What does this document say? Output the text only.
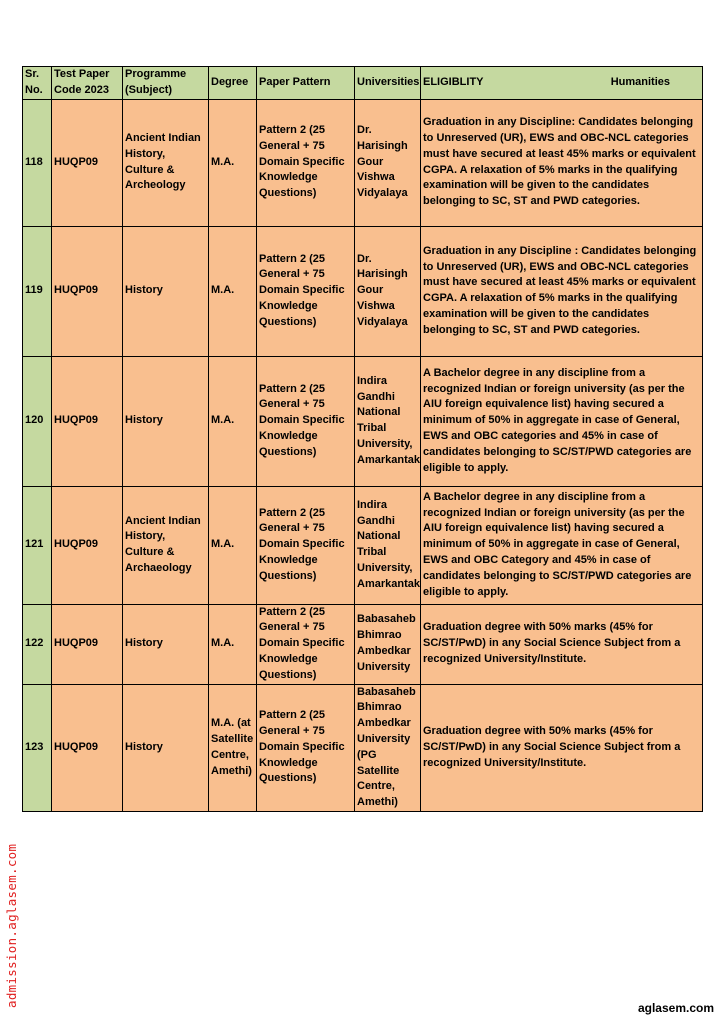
Sr. No.	Test Paper Code 2023	Programme (Subject)	Degree	Paper Pattern	Universities	ELIGIBLITY Humanities

118	HUQP09	Ancient Indian History, Culture & Archeology	M.A.	Pattern 2 (25 General + 75 Domain Specific Knowledge Questions)	Dr. Harisingh Gour Vishwa Vidyalaya	Graduation in any Discipline: Candidates belonging to Unreserved (UR), EWS and OBC-NCL categories must have secured at least 45% marks or equivalent CGPA. A relaxation of 5% marks in the qualifying examination will be given to the candidates belonging to SC, ST and PWD categories.
119	HUQP09	History	M.A.	Pattern 2 (25 General + 75 Domain Specific Knowledge Questions)	Dr. Harisingh Gour Vishwa Vidyalaya	Graduation in any Discipline : Candidates belonging to Unreserved (UR), EWS and OBC-NCL categories must have secured at least 45% marks or equivalent CGPA. A relaxation of 5% marks in the qualifying examination will be given to the candidates belonging to SC, ST and PWD categories.
120	HUQP09	History	M.A.	Pattern 2 (25 General + 75 Domain Specific Knowledge Questions)	Indira Gandhi National Tribal University, Amarkantak	A Bachelor degree in any discipline from a recognized Indian or foreign university (as per the AIU foreign equivalence list) having secured a minimum of 50% in aggregate in case of General, EWS and OBC categories and 45% in case of candidates belonging to SC/ST/PWD categories are eligible to apply.
121	HUQP09	Ancient Indian History, Culture & Archaeology	M.A.	Pattern 2 (25 General + 75 Domain Specific Knowledge Questions)	Indira Gandhi National Tribal University, Amarkantak	A Bachelor degree in any discipline from a recognized Indian or foreign university (as per the AIU foreign equivalence list) having secured a minimum of 50% in aggregate in case of General, EWS and OBC Category and 45% in case of candidates belonging to SC/ST/PWD categories are eligible to apply.
122	HUQP09	History	M.A.	Pattern 2 (25 General + 75 Domain Specific Knowledge Questions)	Babasaheb Bhimrao Ambedkar University	Graduation degree with 50% marks (45% for SC/ST/PwD) in any Social Science Subject from a recognized University/Institute.
123	HUQP09	History	M.A. (at Satellite Centre, Amethi)	Pattern 2 (25 General + 75 Domain Specific Knowledge Questions)	Babasaheb Bhimrao Ambedkar University (PG Satellite Centre, Amethi)	Graduation degree with 50% marks (45% for SC/ST/PwD) in any Social Science Subject from a recognized University/Institute.
admission.aglasem.com	aglasem.com
